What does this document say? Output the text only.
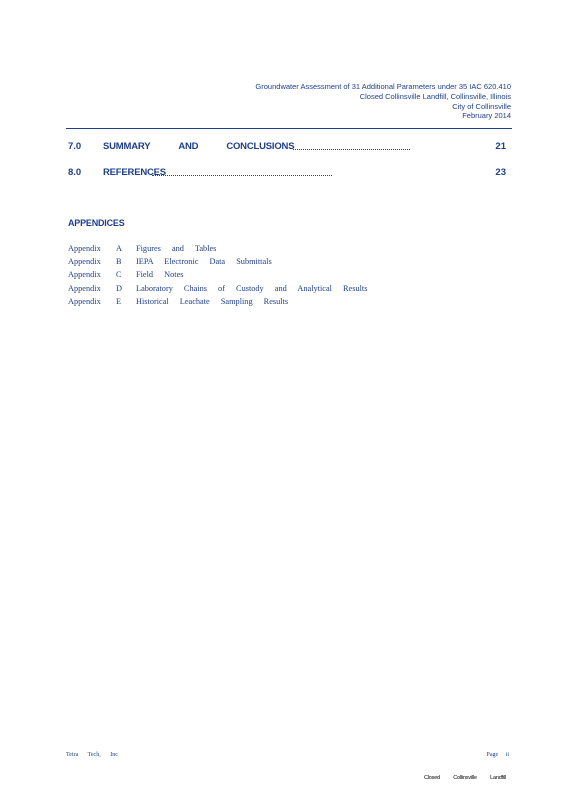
Groundwater Assessment of 31 Additional Parameters under 35 IAC 620.410
Closed Collinsville Landfill, Collinsville, Illinois
City of Collinsville
February 2014
7.0 SUMMARY	AND	CONCLUSIONS	21
8.0 REFERENCES	23
APPENDICES
Appendix A Figures and Tables
Appendix B IEPA Electronic Data Submittals
Appendix C Field Notes
Appendix D Laboratory Chains of Custody and Analytical Results
Appendix E Historical Leachate Sampling Results
Tetra Tech, Inc	Page ii
Closed Collinsville Landfill
